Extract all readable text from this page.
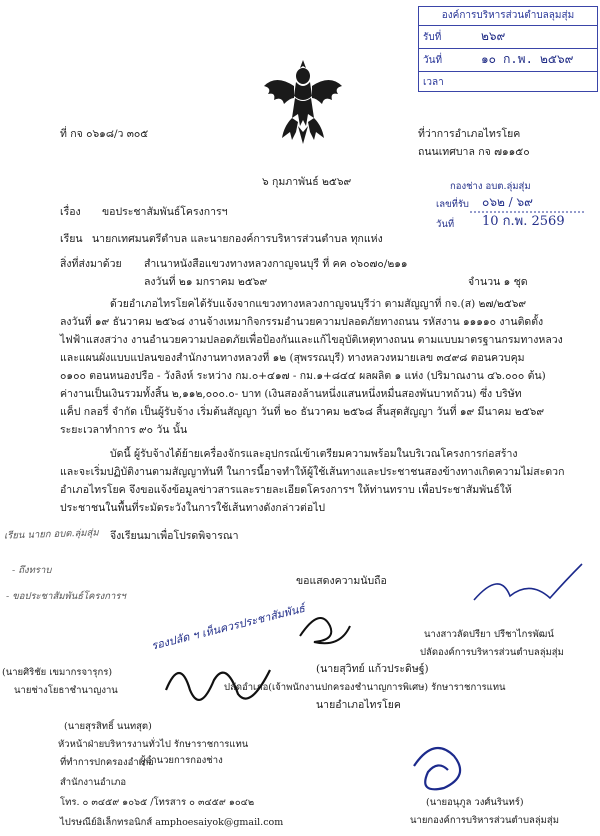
องค์การบริหารส่วนตำบลลุมสุ่ม
รับที่	๒๖๙
วันที่	๑๐ ก.พ. ๒๕๖๙
เวลา
ที่ กจ ๐๖๑๘/ว ๓๐๕	ที่ว่าการอำเภอไทรโยค
ถนนเทศบาล กจ ๗๑๑๕๐
๖ กุมภาพันธ์ ๒๕๖๙	กองช่าง อบต.ลุ่มสุ่ม
เลขที่รับ ๐๖๒ / ๖๙
วันที่ 10 ก.พ. 2569
เรื่อง ขอประชาสัมพันธ์โครงการฯ
เรียน นายกเทศมนตรีตำบล และนายกองค์การบริหารส่วนตำบล ทุกแห่ง
สิ่งที่ส่งมาด้วย สำเนาหนังสือแขวงทางหลวงกาญจนบุรี ที่ คค ๐๖๐๗๐/๒๑๑
ลงวันที่ ๒๑ มกราคม ๒๕๖๙	จำนวน ๑ ชุด
ด้วยอำเภอไทรโยคได้รับแจ้งจากแขวงทางหลวงกาญจนบุรีว่า ตามสัญญาที่ กจ.(ส) ๒๗/๒๕๖๙
ลงวันที่ ๑๙ ธันวาคม ๒๕๖๘ งานจ้างเหมากิจกรรมอำนวยความปลอดภัยทางถนน รหัสงาน ๑๑๑๑๐ งานติดตั้ง
ไฟฟ้าแสงสว่าง งานอำนวยความปลอดภัยเพื่อป้องกันและแก้ไขอุบัติเหตุทางถนน ตามแบบมาตรฐานกรมทางหลวง
และแผนผังแบบแปลนของสำนักงานทางหลวงที่ ๑๒ (สุพรรณบุรี) ทางหลวงหมายเลข ๓๔๙๘ ตอนควบคุม
๐๑๐๐ ตอนหนองปรือ - วังลิงห์ ระหว่าง กม.๐+๔๑๗ - กม.๑+๘๔๔ ผลผลิต ๑ แห่ง (ปริมาณงาน ๔๖.๐๐๐ ต้น)
ค่างานเป็นเงินรวมทั้งสิ้น ๒,๑๑๒,๐๐๐.๐- บาท (เงินสองล้านหนึ่งแสนหนึ่งหมื่นสองพันบาทถ้วน) ซึ่ง บริษัท
แค็ป กลอรี่ จำกัด เป็นผู้รับจ้าง เริ่มต้นสัญญา วันที่ ๒๐ ธันวาคม ๒๕๖๘ สิ้นสุดสัญญา วันที่ ๑๙ มีนาคม ๒๕๖๙
ระยะเวลาทำการ ๙๐ วัน นั้น
บัดนี้ ผู้รับจ้างได้ย้ายเครื่องจักรและอุปกรณ์เข้าเตรียมความพร้อมในบริเวณโครงการก่อสร้าง
และจะเริ่มปฏิบัติงานตามสัญญาทันที ในการนี้อาจทำให้ผู้ใช้เส้นทางและประชาชนสองข้างทางเกิดความไม่สะดวก
อำเภอไทรโยค จึงขอแจ้งข้อมูลข่าวสารและรายละเอียดโครงการฯ ให้ท่านทราบ เพื่อประชาสัมพันธ์ให้
ประชาชนในพื้นที่ระมัดระวังในการใช้เส้นทางดังกล่าวต่อไป
จึงเรียนมาเพื่อโปรดพิจารณา
เรียน นายก อบต.ลุ่มสุ่ม
- ถึงทราบ
- ขอประชาสัมพันธ์โครงการฯ
ขอแสดงความนับถือ
รองปลัด ฯ เห็นควรประชาสัมพันธ์
(นายสุวิทย์ แก้วประดิษฐ์)
ปลัดอำเภอ(เจ้าพนักงานปกครองชำนาญการพิเศษ) รักษาราชการแทน
นายอำเภอไทรโยค
นางสาวลัดปรียา ปรีชาไกรพัฒน์
ปลัดองค์การบริหารส่วนตำบลลุ่มสุ่ม
(นายศิริชัย เขมากรจารุกร)
นายช่างโยธาชำนาญงาน
(นายสุรสิทธิ์ นนทสุต)
หัวหน้าฝ่ายบริหารงานทั่วไป รักษาราชการแทน
ผู้อำนวยการกองช่าง
ที่ทำการปกครองอำเภอ
สำนักงานอำเภอ
โทร. ๐ ๓๔๕๙ ๑๐๖๕ /โทรสาร ๐ ๓๔๕๙ ๑๐๔๒
ไปรษณีย์อิเล็กทรอนิกส์ amphoesaiyok@gmail.com
(นายอนุภูล วงศ์นรินทร์)
นายกองค์การบริหารส่วนตำบลลุ่มสุ่ม
